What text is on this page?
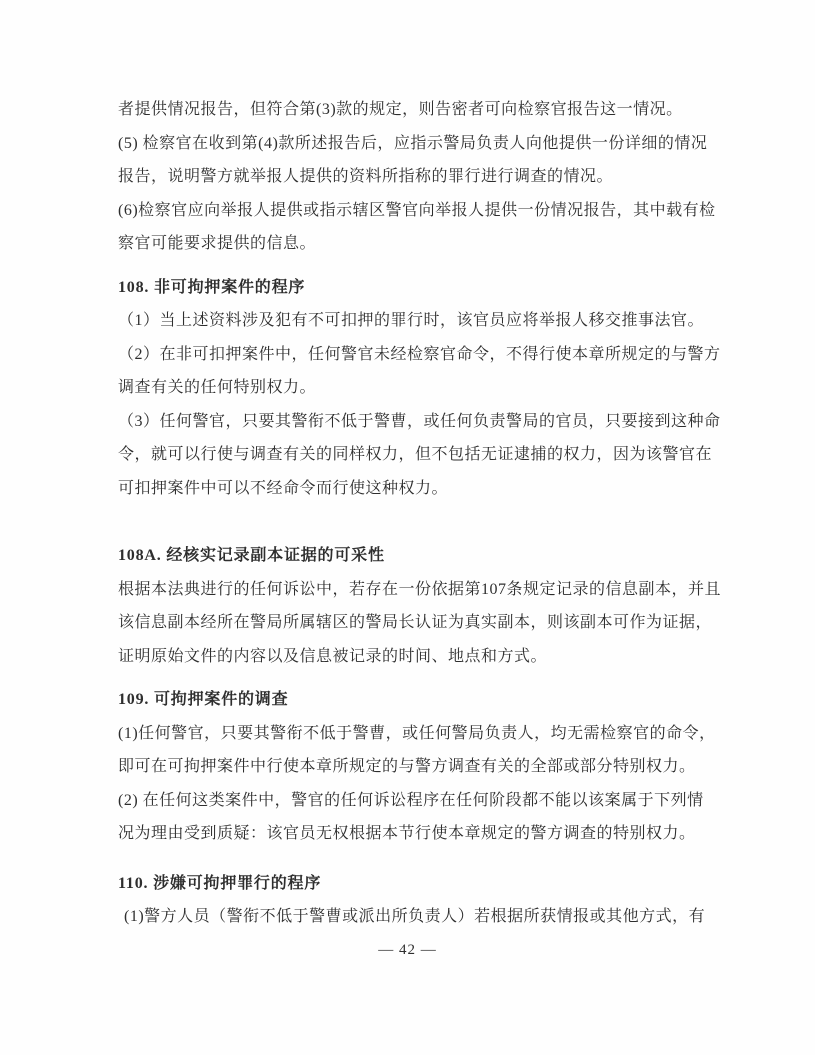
者提供情况报告，但符合第(3)款的规定，则告密者可向检察官报告这一情况。
(5) 检察官在收到第(4)款所述报告后，应指示警局负责人向他提供一份详细的情况
报告，说明警方就举报人提供的资料所指称的罪行进行调查的情况。
(6)检察官应向举报人提供或指示辖区警官向举报人提供一份情况报告，其中载有检
察官可能要求提供的信息。
108. 非可拘押案件的程序
（1）当上述资料涉及犯有不可扣押的罪行时，该官员应将举报人移交推事法官。
（2）在非可扣押案件中，任何警官未经检察官命令，不得行使本章所规定的与警方
调查有关的任何特别权力。
（3）任何警官，只要其警衔不低于警曹，或任何负责警局的官员，只要接到这种命
令，就可以行使与调查有关的同样权力，但不包括无证逮捕的权力，因为该警官在
可扣押案件中可以不经命令而行使这种权力。
108A. 经核实记录副本证据的可采性
根据本法典进行的任何诉讼中，若存在一份依据第107条规定记录的信息副本，并且
该信息副本经所在警局所属辖区的警局长认证为真实副本，则该副本可作为证据，
证明原始文件的内容以及信息被记录的时间、地点和方式。
109. 可拘押案件的调查
(1)任何警官，只要其警衔不低于警曹，或任何警局负责人，均无需检察官的命令，
即可在可拘押案件中行使本章所规定的与警方调查有关的全部或部分特别权力。
(2) 在任何这类案件中，警官的任何诉讼程序在任何阶段都不能以该案属于下列情
况为理由受到质疑：该官员无权根据本节行使本章规定的警方调查的特别权力。
110. 涉嫌可拘押罪行的程序
(1)警方人员（警衔不低于警曹或派出所负责人）若根据所获情报或其他方式，有
— 42 —
